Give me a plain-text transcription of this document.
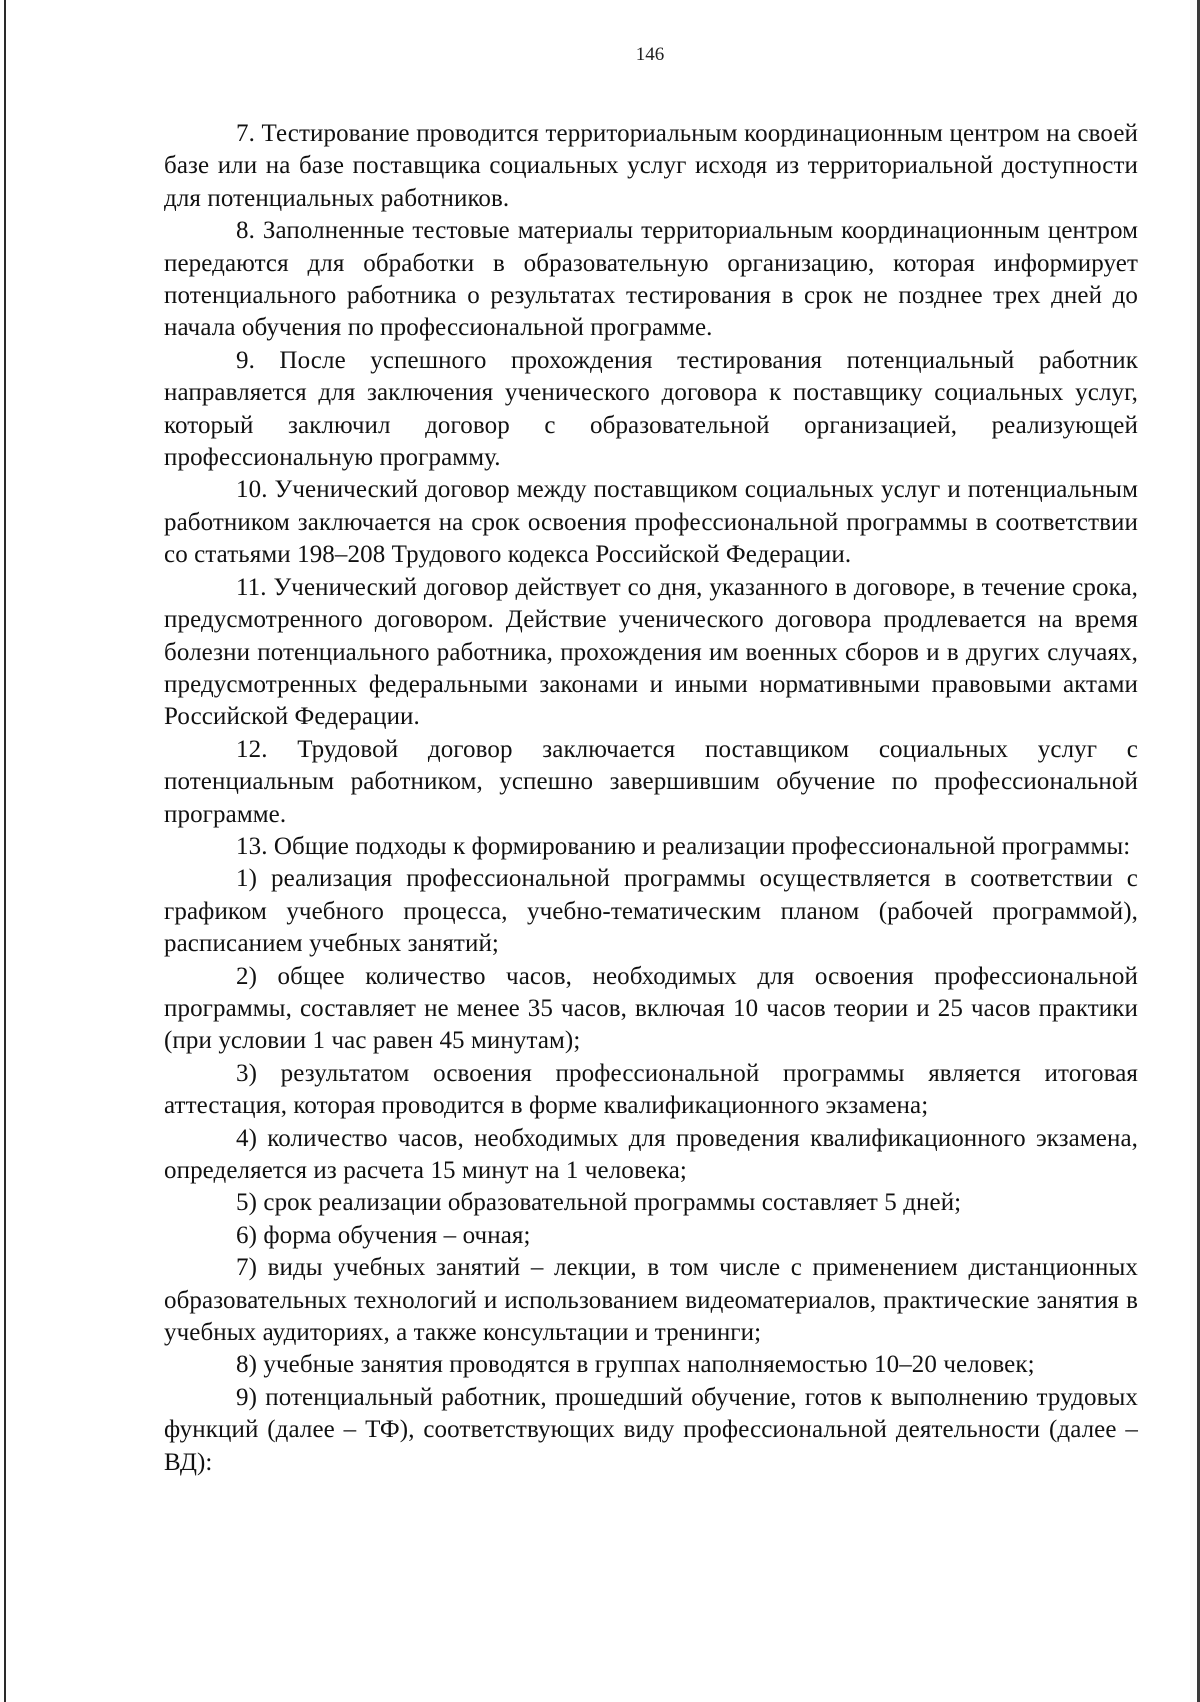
146

7. Тестирование проводится территориальным координационным центром на своей базе или на базе поставщика социальных услуг исходя из территориальной доступности для потенциальных работников.

8. Заполненные тестовые материалы территориальным координационным центром передаются для обработки в образовательную организацию, которая информирует потенциального работника о результатах тестирования в срок не позднее трех дней до начала обучения по профессиональной программе.

9. После успешного прохождения тестирования потенциальный работник направляется для заключения ученического договора к поставщику социальных услуг, который заключил договор с образовательной организацией, реализующей профессиональную программу.

10. Ученический договор между поставщиком социальных услуг и потенциальным работником заключается на срок освоения профессиональной программы в соответствии со статьями 198–208 Трудового кодекса Российской Федерации.

11. Ученический договор действует со дня, указанного в договоре, в течение срока, предусмотренного договором. Действие ученического договора продлевается на время болезни потенциального работника, прохождения им военных сборов и в других случаях, предусмотренных федеральными законами и иными нормативными правовыми актами Российской Федерации.

12. Трудовой договор заключается поставщиком социальных услуг с потенциальным работником, успешно завершившим обучение по профессиональной программе.

13. Общие подходы к формированию и реализации профессиональной программы:

1) реализация профессиональной программы осуществляется в соответствии с графиком учебного процесса, учебно-тематическим планом (рабочей программой), расписанием учебных занятий;

2) общее количество часов, необходимых для освоения профессиональной программы, составляет не менее 35 часов, включая 10 часов теории и 25 часов практики (при условии 1 час равен 45 минутам);

3) результатом освоения профессиональной программы является итоговая аттестация, которая проводится в форме квалификационного экзамена;

4) количество часов, необходимых для проведения квалификационного экзамена, определяется из расчета 15 минут на 1 человека;

5) срок реализации образовательной программы составляет 5 дней;

6) форма обучения – очная;

7) виды учебных занятий – лекции, в том числе с применением дистанционных образовательных технологий и использованием видеоматериалов, практические занятия в учебных аудиториях, а также консультации и тренинги;

8) учебные занятия проводятся в группах наполняемостью 10–20 человек;

9) потенциальный работник, прошедший обучение, готов к выполнению трудовых функций (далее – ТФ), соответствующих виду профессиональной деятельности (далее – ВД):
